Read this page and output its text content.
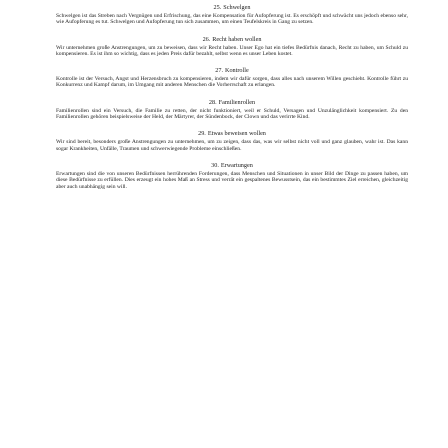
25. Schwelgen

Schwelgen ist das Streben nach Vergnügen und Erfrischung, das eine Kompensation für Aufopferung ist. Es erschöpft und schwächt uns jedoch ebenso sehr, wie Aufopferung es tut. Schwelgen und Aufopferung tun sich zusammen, um einen Teufelskreis in Gang zu setzen.

26. Recht haben wollen

Wir unternehmen große Anstrengungen, um zu beweisen, dass wir Recht haben. Unser Ego hat ein tiefes Bedürfnis danach, Recht zu haben, um Schuld zu kompensieren. Es ist ihm so wichtig, dass es jeden Preis dafür bezahlt, selbst wenn es unser Leben kostet.

27. Kontrolle

Kontrolle ist der Versuch, Angst und Herzensbruch zu kompensieren, indem wir dafür sorgen, dass alles nach unserem Willen geschieht. Kontrolle führt zu Konkurrenz und Kampf darum, im Umgang mit anderen Menschen die Vorherrschaft zu erlangen.

28. Familienrollen

Familienrollen sind ein Versuch, die Familie zu retten, der nicht funktioniert, weil er Schuld, Versagen und Unzulänglichkeit kompensiert. Zu den Familienrollen gehören beispielsweise der Held, der Märtyrer, der Sündenbock, der Clown und das verirrte Kind.

29. Etwas beweisen wollen

Wir sind bereit, besonders große Anstrengungen zu unternehmen, um zu zeigen, dass das, was wir selbst nicht voll und ganz glauben, wahr ist. Das kann sogar Krankheiten, Unfälle, Traumen und schwerwiegende Probleme einschließen.

30. Erwartungen

Erwartungen sind die von unseren Bedürfnissen herrührenden Forderungen, dass Menschen und Situationen in unser Bild der Dinge zu passen haben, um diese Bedürfnisse zu erfüllen. Dies erzeugt ein hohes Maß an Stress und verrät ein gespaltenes Bewusstsein, das ein bestimmtes Ziel erreichen, gleichzeitig aber auch unabhängig sein will.
